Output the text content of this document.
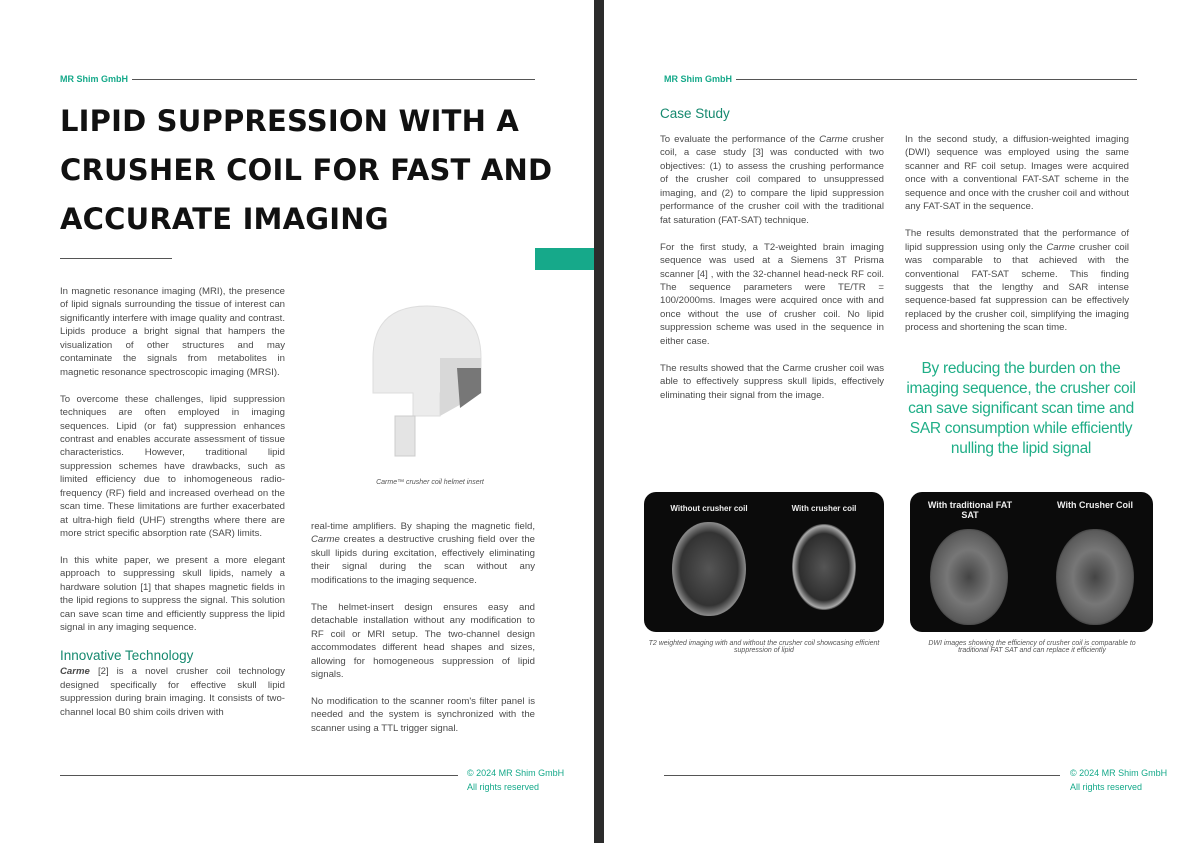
MR Shim GmbH
LIPID SUPPRESSION WITH A
CRUSHER COIL FOR FAST AND
ACCURATE IMAGING

In magnetic resonance imaging (MRI), the presence of lipid signals surrounding the tissue of interest can significantly interfere with image quality and contrast. Lipids produce a bright signal that hampers the visualization of other structures and may contaminate the signals from metabolites in magnetic resonance spectroscopic imaging (MRSI).

To overcome these challenges, lipid suppression techniques are often employed in imaging sequences. Lipid (or fat) suppression enhances contrast and enables accurate assessment of tissue characteristics. However, traditional lipid suppression schemes have drawbacks, such as limited efficiency due to inhomogeneous radio-frequency (RF) field and increased overhead on the scan time. These limitations are further exacerbated at ultra-high field (UHF) strengths where there are more strict specific absorption rate (SAR) limits.

In this white paper, we present a more elegant approach to suppressing skull lipids, namely a hardware solution [1] that shapes magnetic fields in the lipid regions to suppress the signal. This solution can save scan time and efficiently suppress the lipid signal in any imaging sequence.

Innovative Technology

Carme [2] is a novel crusher coil technology designed specifically for effective skull lipid suppression during brain imaging. It consists of two-channel local B0 shim coils driven with

Carme™ crusher coil helmet insert

real-time amplifiers. By shaping the magnetic field, Carme creates a destructive crushing field over the skull lipids during excitation, effectively eliminating their signal during the scan without any modifications to the imaging sequence.

The helmet-insert design ensures easy and detachable installation without any modification to RF coil or MRI setup. The two-channel design accommodates different head shapes and sizes, allowing for homogeneous suppression of lipid signals.

No modification to the scanner room's filter panel is needed and the system is synchronized with the scanner using a TTL trigger signal.

© 2024 MR Shim GmbH
All rights reserved
MR Shim GmbH
Case Study

To evaluate the performance of the Carme crusher coil, a case study [3] was conducted with two objectives: (1) to assess the crushing performance of the crusher coil compared to unsuppressed imaging, and (2) to compare the lipid suppression performance of the crusher coil with the traditional fat saturation (FAT-SAT) technique.

For the first study, a T2-weighted brain imaging sequence was used at a Siemens 3T Prisma scanner [4] , with the 32-channel head-neck RF coil. The sequence parameters were TE/TR = 100/2000ms. Images were acquired once with and once without the use of crusher coil. No lipid suppression scheme was used in the sequence in either case.

The results showed that the Carme crusher coil was able to effectively suppress skull lipids, effectively eliminating their signal from the image.

In the second study, a diffusion-weighted imaging (DWI) sequence was employed using the same scanner and RF coil setup. Images were acquired once with a conventional FAT-SAT scheme in the sequence and once with the crusher coil and without any FAT-SAT in the sequence.

The results demonstrated that the performance of lipid suppression using only the Carme crusher coil was comparable to that achieved with the conventional FAT-SAT scheme. This finding suggests that the lengthy and SAR intense sequence-based fat suppression can be effectively replaced by the crusher coil, simplifying the imaging process and shortening the scan time.

By reducing the burden on the imaging sequence, the crusher coil can save significant scan time and SAR consumption while efficiently nulling the lipid signal
Without crusher coil	With crusher coil
T2 weighted imaging with and without the crusher coil showcasing efficient suppression of lipid
With traditional FAT SAT
With Crusher Coil
DWI images showing the efficiency of crusher coil is comparable to traditional FAT SAT and can replace it efficiently
© 2024 MR Shim GmbH
All rights reserved
